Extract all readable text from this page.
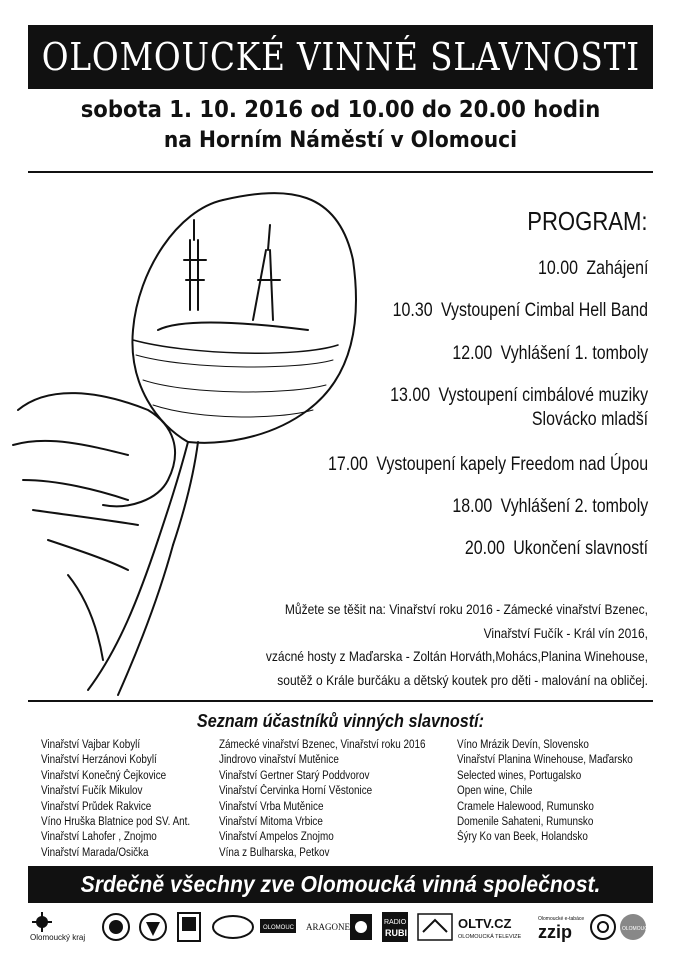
OLOMOUCKÉ VINNÉ SLAVNOSTI
sobota 1. 10. 2016 od 10.00 do 20.00 hodin
na Horním Náměstí v Olomouci
PROGRAM:
10.00 Zahájení
10.30 Vystoupení Cimbal Hell Band
12.00 Vyhlášení 1. tomboly
13.00 Vystoupení cimbálové muziky
Slovácko mladší
17.00 Vystoupení kapely Freedom nad Úpou
18.00 Vyhlášení 2. tomboly
20.00 Ukončení slavností
Můžete se těšit na: Vinařství roku 2016 - Zámecké vinařství Bzenec,
Vinařství Fučík - Král vín 2016,
vzácné hosty z Maďarska - Zoltán Horváth,Mohács,Planina Winehouse,
soutěž o Krále burčáku a dětský koutek pro děti - malování na obličej.
Seznam účastníků vinných slavností:
Vinařství Vajbar Kobylí
Vinařství Herzánovi Kobylí
Vinařství Konečný Čejkovice
Vinařství Fučík Mikulov
Vinařství Průdek Rakvice
Víno Hruška Blatnice pod SV. Ant.
Vinařství Lahofer , Znojmo
Vinařství Marada/Osička
Zámecké vinařství Bzenec, Vinařství roku 2016
Jindrovo vinařství Mutěnice
Vinařství Gertner Starý Poddvorov
Vinařství Červinka Horní Věstonice
Vinařství Vrba Mutěnice
Vinařství Mitoma Vrbice
Vinařství Ampelos Znojmo
Vína z Bulharska, Petkov
Víno Mrázik Devín, Slovensko
Vinařství Planina Winehouse, Maďarsko
Selected wines, Portugalsko
Open wine, Chile
Cramele Halewood, Rumunsko
Domenile Sahateni, Rumunsko
Šýry Ko van Beek, Holandsko
Srdečně všechny zve Olomoucká vinná společnost.
Olomoucký kraj
OLOMOUC ARAGONE	RADIO
RUBI
OLTV.CZ
OLOMOUCKÁ TELEVIZE
Olomoucké e-tabáce
zzip	OLOMOUC
